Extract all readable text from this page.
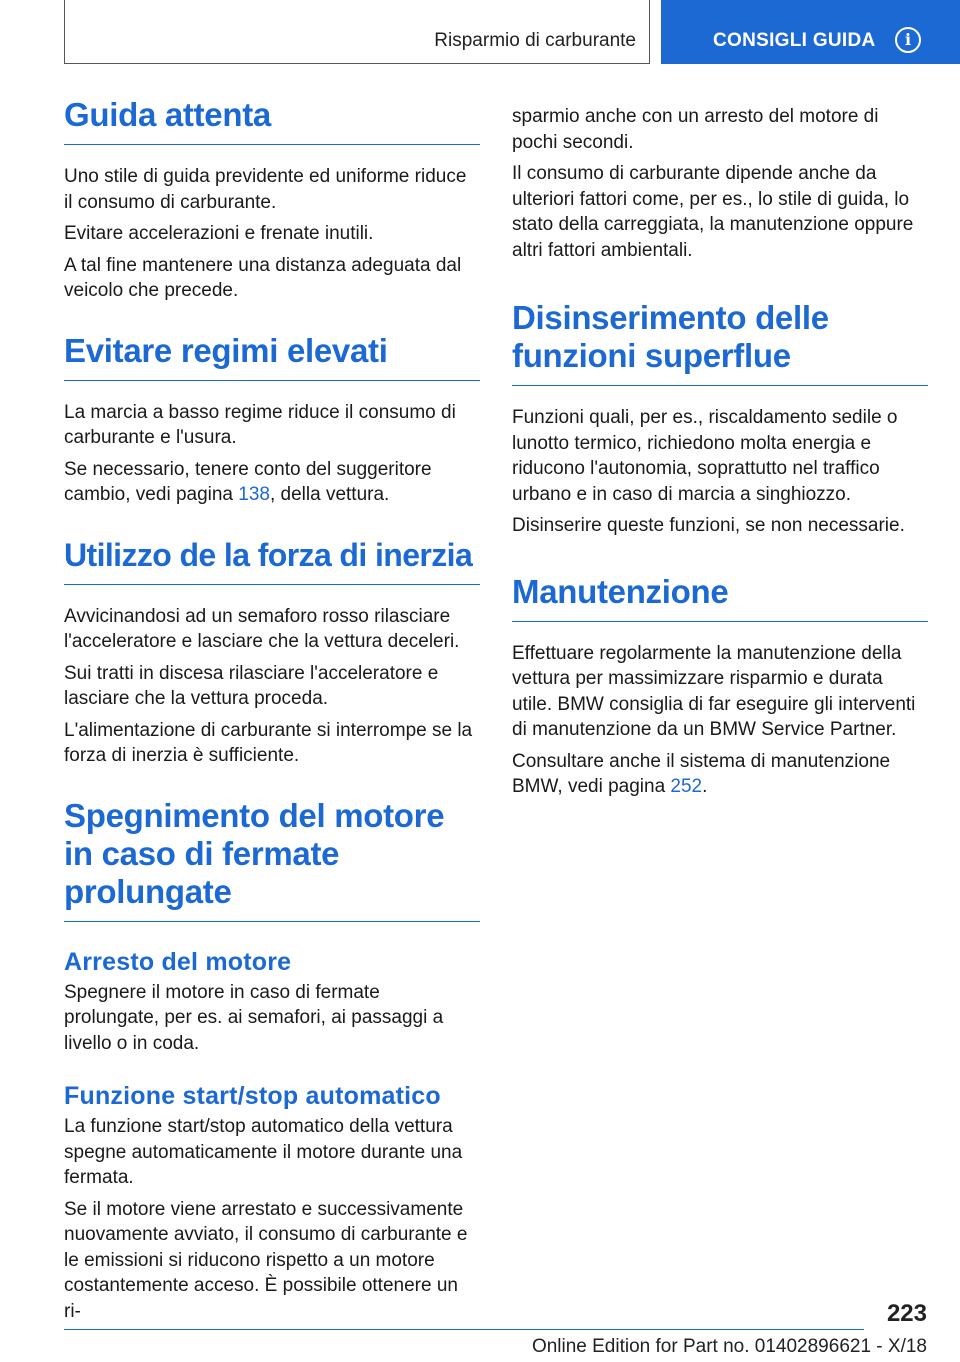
Risparmio di carburante	CONSIGLI GUIDA	i
Guida attenta

Uno stile di guida previdente ed uniforme riduce il consumo di carburante.

Evitare accelerazioni e frenate inutili.

A tal fine mantenere una distanza adeguata dal veicolo che precede.

Evitare regimi elevati

La marcia a basso regime riduce il consumo di carburante e l'usura.

Se necessario, tenere conto del suggeritore cambio, vedi pagina 138, della vettura.

Utilizzo de la forza di inerzia

Avvicinandosi ad un semaforo rosso rilasciare l'acceleratore e lasciare che la vettura deceleri.

Sui tratti in discesa rilasciare l'acceleratore e lasciare che la vettura proceda.

L'alimentazione di carburante si interrompe se la forza di inerzia è sufficiente.

Spegnimento del motore in caso di fermate prolungate
Arresto del motore

Spegnere il motore in caso di fermate prolungate, per es. ai semafori, ai passaggi a livello o in coda.

Funzione start/stop automatico

La funzione start/stop automatico della vettura spegne automaticamente il motore durante una fermata.

Se il motore viene arrestato e successivamente nuovamente avviato, il consumo di carburante e le emissioni si riducono rispetto a un motore costantemente acceso. È possibile ottenere un ri-

sparmio anche con un arresto del motore di pochi secondi.

Il consumo di carburante dipende anche da ulteriori fattori come, per es., lo stile di guida, lo stato della carreggiata, la manutenzione oppure altri fattori ambientali.

Disinserimento delle funzioni superflue

Funzioni quali, per es., riscaldamento sedile o lunotto termico, richiedono molta energia e riducono l'autonomia, soprattutto nel traffico urbano e in caso di marcia a singhiozzo.

Disinserire queste funzioni, se non necessarie.

Manutenzione

Effettuare regolarmente la manutenzione della vettura per massimizzare risparmio e durata utile. BMW consiglia di far eseguire gli interventi di manutenzione da un BMW Service Partner.

Consultare anche il sistema di manutenzione BMW, vedi pagina 252.

223
Online Edition for Part no. 01402896621 - X/18
